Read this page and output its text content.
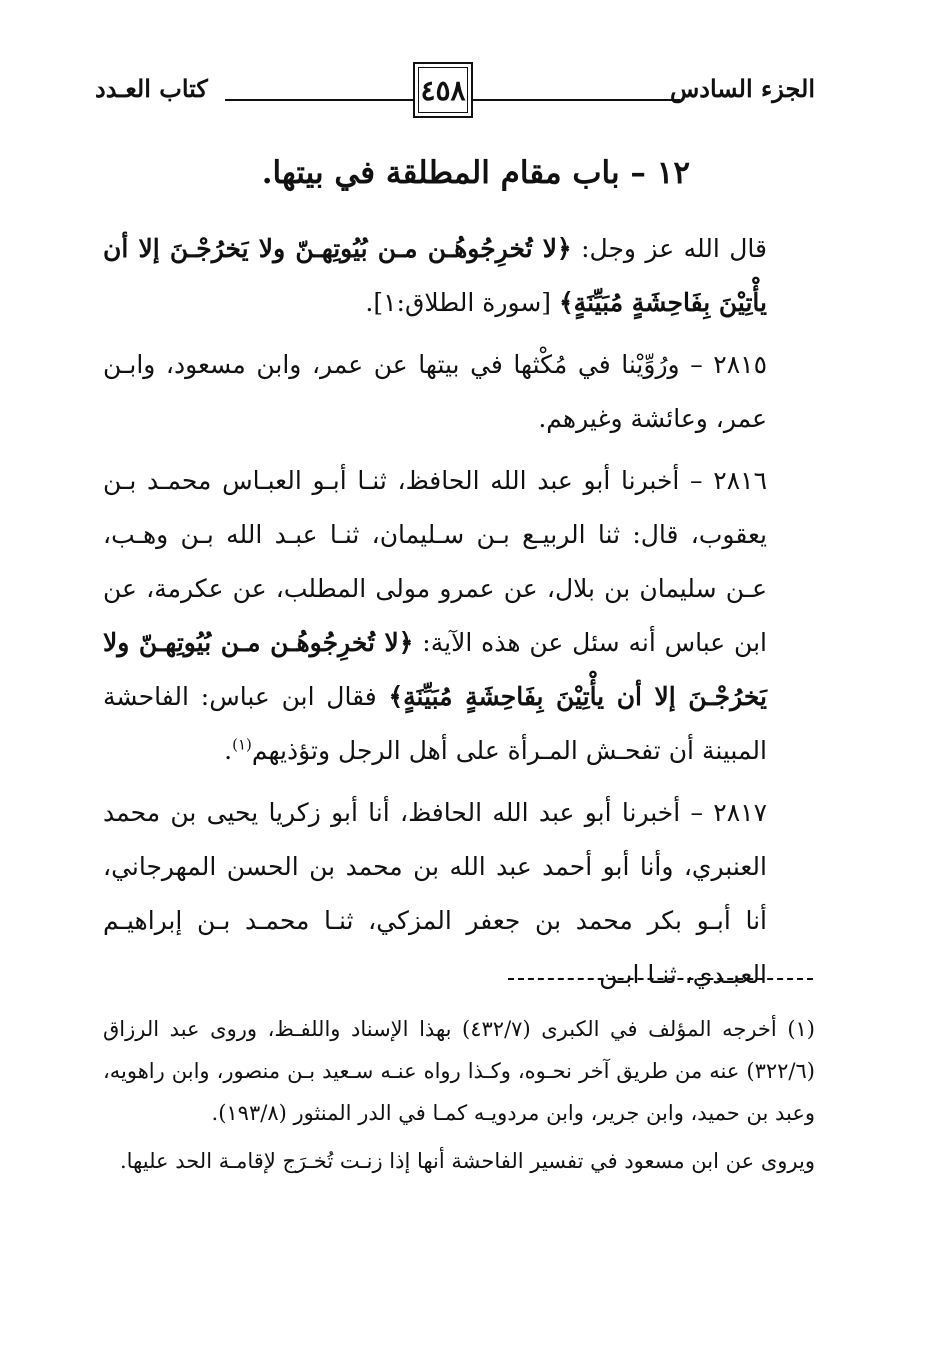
الجزء السادس
٤٥٨
كتاب العـدد
١٢ – باب مقام المطلقة في بيتها.

قال الله عز وجل: ﴿لا تُخرِجُوهُـن مـن بُيُوتِهـنّ ولا يَخرُجْـنَ إلا أن يأْتِيْنَ بِفَاحِشَةٍ مُبَيِّنَةٍ﴾ [سورة الطلاق:١].

٢٨١٥ – ورُوِّيْنا في مُكْثها في بيتها عن عمر، وابن مسعود، وابـن عمر، وعائشة وغيرهم.

٢٨١٦ – أخبرنا أبو عبد الله الحافظ، ثنـا أبـو العبـاس محمـد بـن يعقوب، قال: ثنا الربيـع بـن سـليمان، ثنـا عبـد الله بـن وهـب، عـن سليمان بن بلال، عن عمرو مولى المطلب، عن عكرمة، عن ابن عباس أنه سئل عن هذه الآية: ﴿لا تُخرِجُوهُـن مـن بُيُوتِهـنّ ولا يَخرُجْـنَ إلا أن يأْتِيْنَ بِفَاحِشَةٍ مُبَيِّنَةٍ﴾ فقال ابن عباس: الفاحشة المبينة أن تفحـش المـرأة على أهل الرجل وتؤذيهم$^{(١)}$.

٢٨١٧ – أخبرنا أبو عبد الله الحافظ، أنا أبو زكريا يحيى بن محمد العنبري، وأنا أبو أحمد عبد الله بن محمد بن الحسن المهرجاني، أنا أبـو بكر محمد بن جعفر المزكي، ثنـا محمـد بـن إبراهيـم العبـدي، ثنـا ابـن

(١) أخرجه المؤلف في الكبرى (٤٣٢/٧) بهذا الإسناد واللفـظ، وروى عبد الرزاق (٣٢٢/٦) عنه من طريق آخر نحـوه، وكـذا رواه عنـه سـعيد بـن منصور، وابن راهويه، وعبد بن حميد، وابن جرير، وابن مردويـه كمـا في الدر المنثور (١٩٣/٨).

ويروى عن ابن مسعود في تفسير الفاحشة أنها إذا زنـت تُخـرَج لإقامـة الحد عليها.
